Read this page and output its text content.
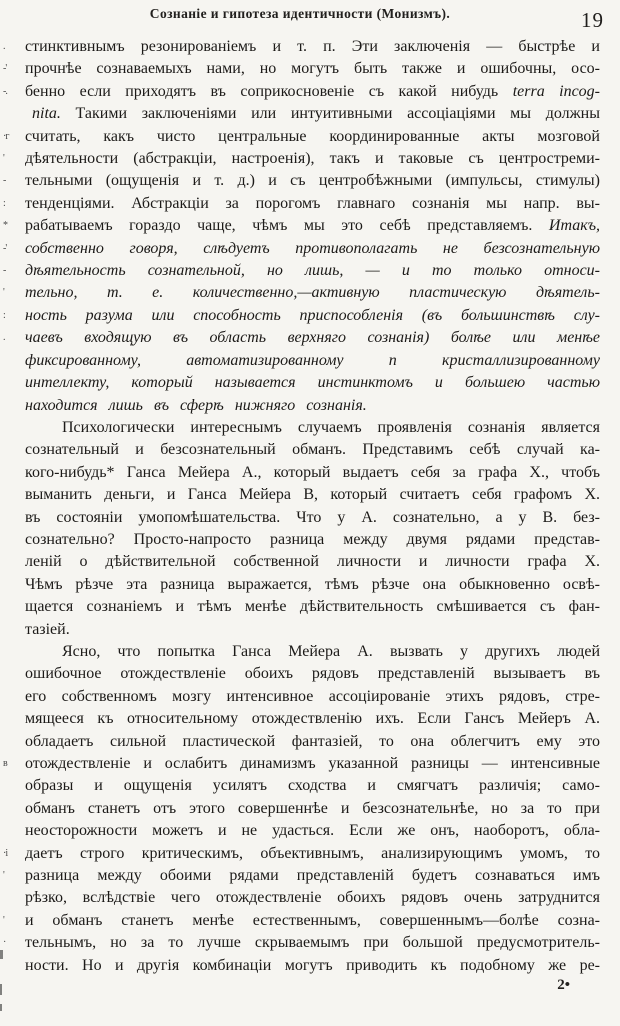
Сознаніе и гипотеза идентичности (Монизмъ).	19
.	стинктивнымъ резонированіемъ и т. п. Эти заключенія — быстрѣе и
-'	прочнѣе сознаваемыхъ нами, но могутъ быть также и ошибочны, осо-
-.	бенно если приходятъ въ соприкосновеніе съ какой нибудь terra incog-
nita. Такими заключеніями или интуитивными ассоціаціями мы должны
·г	считать, какъ чисто центральные координированные акты мозговой
'	дѣятельности (абстракціи, настроенія), такъ и таковые съ центростреми-
-	тельными (ощущенія и т. д.) и съ центробѣжными (импульсы, стимулы)
:	тенденціями. Абстракціи за порогомъ главнаго сознанія мы напр. вы-
*	рабатываемъ гораздо чаще, чѣмъ мы это себѣ представляемъ. Итакъ,
-'	собственно говоря, слѣдуетъ противополагать не безсознательную
-	дѣятельность сознательной, но лишь, — и то только относи-
'	тельно, т. е. количественно,—активную пластическую дѣятель-
:	ность разума или способность приспособленія (въ большинствѣ слу-
.	чаевъ входящую въ область верхняго сознанія) болѣе или менѣе
фиксированному, автоматизированному п кристаллизированному
интеллекту, который называется инстинктомъ и большею частью
находится лишь въ сферѣ нижняго сознанія.
Психологически интереснымъ случаемъ проявленія сознанія является
сознательный и безсознательный обманъ. Представимъ себѣ случай ка-
кого-нибудь* Ганса Мейера А., который выдаетъ себя за графа Х., чтобъ
выманить деньги, и Ганса Мейера В, который считаетъ себя графомъ Х.
въ состояніи умопомѣшательства. Что у А. сознательно, а у В. без-
сознательно? Просто-напросто разница между двумя рядами представ-
леній о дѣйствительной собственной личности и личности графа Х.
Чѣмъ рѣзче эта разница выражается, тѣмъ рѣзче она обыкновенно освѣ-
щается сознаніемъ и тѣмъ менѣе дѣйствительность смѣшивается съ фан-
тазіей.
Ясно, что попытка Ганса Мейера А. вызвать у другихъ людей
ошибочное отождествленіе обоихъ рядовъ представленій вызываетъ въ
его собственномъ мозгу интенсивное ассоціированіе этихъ рядовъ, стре-
мящееся къ относительному отождествленію ихъ. Если Гансъ Мейеръ А.
обладаетъ сильной пластической фантазіей, то она облегчитъ ему это
в	отождествленіе и ослабитъ динамизмъ указанной разницы — интенсивные
образы и ощущенія усилятъ сходства и смягчатъ различія; само-
обманъ станетъ отъ этого совершеннѣе и безсознательнѣе, но за то при
неосторожности можетъ и не удасться. Если же онъ, наоборотъ, обла-
·і	даетъ строго критическимъ, объективнымъ, анализирующимъ умомъ, то
'	разница между обоими рядами представленій будетъ сознаваться имъ
рѣзко, вслѣдствіе чего отождествленіе обоихъ рядовъ очень затруднится
'	и обманъ станетъ менѣе естественнымъ, совершеннымъ—болѣе созна-
·	тельнымъ, но за то лучше скрываемымъ при большой предусмотритель-
ности. Но и другія комбинаціи могутъ приводить къ подобному же ре-
2•
